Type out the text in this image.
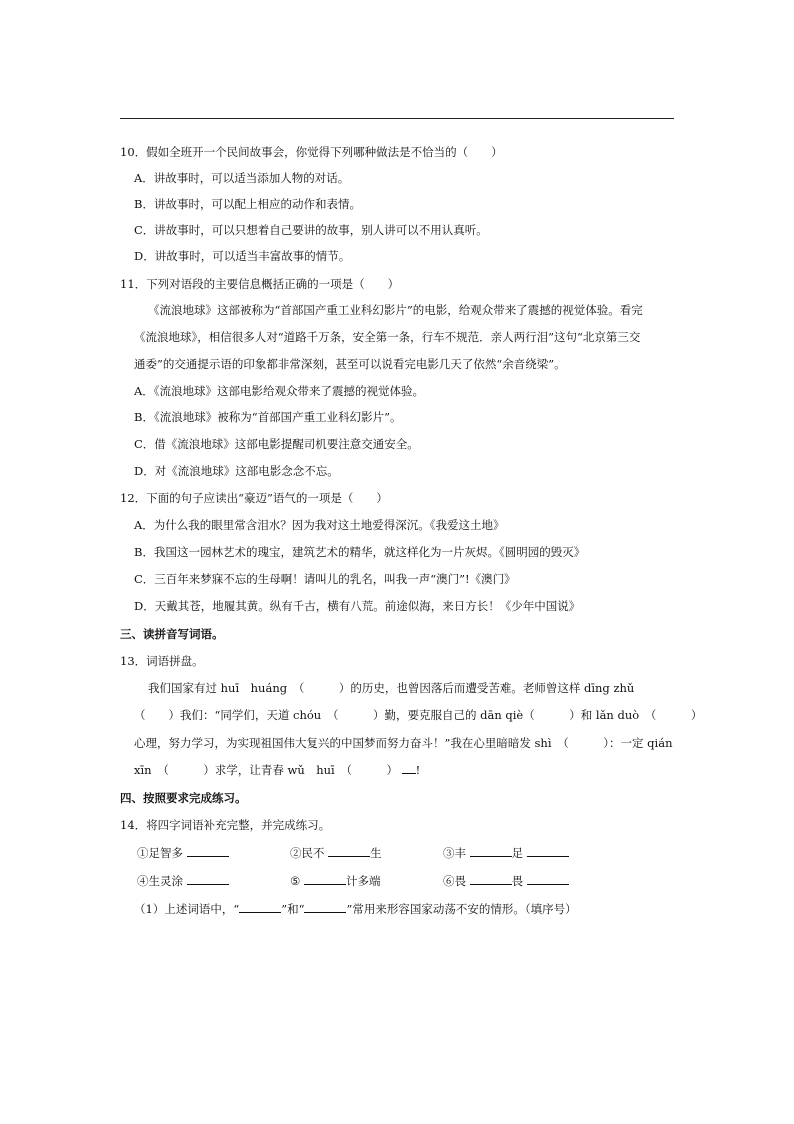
10．假如全班开一个民间故事会，你觉得下列哪种做法是不恰当的（　　）
A．讲故事时，可以适当添加人物的对话。
B．讲故事时，可以配上相应的动作和表情。
C．讲故事时，可以只想着自己要讲的故事，别人讲可以不用认真听。
D．讲故事时，可以适当丰富故事的情节。
11．下列对语段的主要信息概括正确的一项是（　　）
《流浪地球》这部被称为“首部国产重工业科幻影片”的电影，给观众带来了震撼的视觉体验。看完
《流浪地球》，相信很多人对“道路千万条，安全第一条，行车不规范．亲人两行泪”这句“北京第三交
通委”的交通提示语的印象都非常深刻，甚至可以说看完电影几天了依然“余音绕梁”。
A．《流浪地球》这部电影给观众带来了震撼的视觉体验。
B．《流浪地球》被称为“首部国产重工业科幻影片”。
C．借《流浪地球》这部电影提醒司机要注意交通安全。
D．对《流浪地球》这部电影念念不忘。
12．下面的句子应读出“豪迈”语气的一项是（　　）
A．为什么我的眼里常含泪水？因为我对这土地爱得深沉。《我爱这土地》
B．我国这一园林艺术的瑰宝，建筑艺术的精华，就这样化为一片灰烬。《圆明园的毁灭》
C．三百年来梦寐不忘的生母啊！请叫儿的乳名，叫我一声“澳门”!《澳门》
D．天戴其苍，地履其黄。纵有千古，横有八荒。前途似海，来日方长！《少年中国说》
三、读拼音写词语。
13．词语拼盘。
我们国家有过 huī　huáng　（　　　）的历史，也曾因落后而遭受苦难。老师曾这样 dīng zhǔ
（　　）我们：“同学们，天道 chóu　（　　　）勤，要克服自己的 dān qiè（　　　）和 lǎn duò　（　　　）
心理，努力学习，为实现祖国伟大复兴的中国梦而努力奋斗！”我在心里暗暗发 shì　（　　　）：一定 qián
xīn　（　　　）求学，让青春 wǔ　huī　（　　　） !
四、按照要求完成练习。
14．将四字词语补充完整，并完成练习。
①足智多	②民不	生	③丰	足
④生灵涂	⑤	计多端	⑥畏	畏
（1）上述词语中，“	”和“	”常用来形容国家动荡不安的情形。（填序号）
